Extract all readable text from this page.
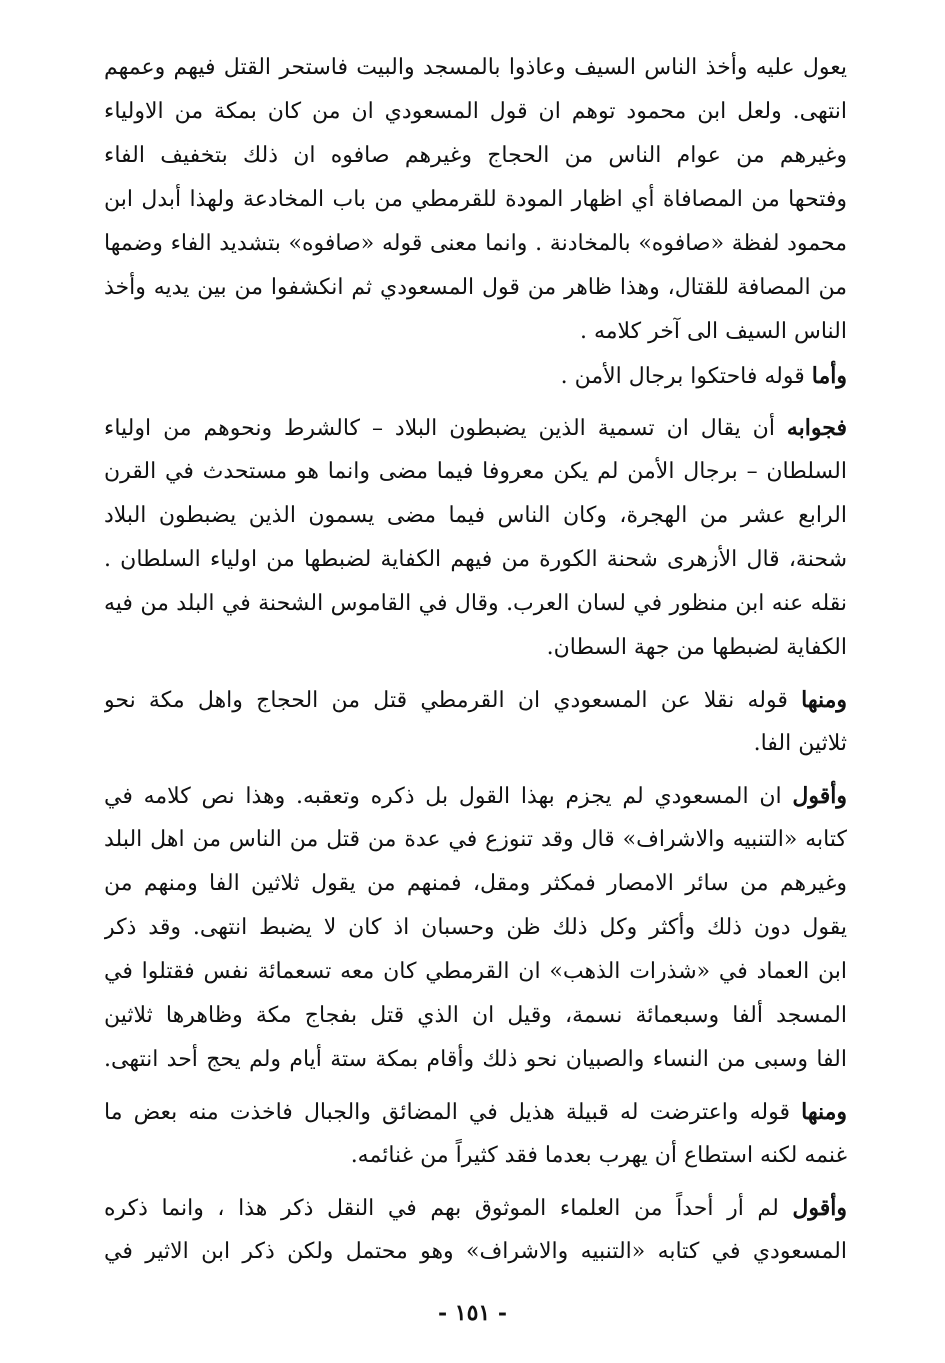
يعول عليه وأخذ الناس السيف وعاذوا بالمسجد والبيت فاستحر القتل فيهم وعمهم
انتهى. ولعل ابن محمود توهم ان قول المسعودي ان من كان بمكة من الاولياء
وغيرهم من عوام الناس من الحجاج وغيرهم صافوه ان ذلك بتخفيف الفاء
وفتحها من المصافاة أي اظهار المودة للقرمطي من باب المخادعة ولهذا أبدل ابن
محمود لفظة «صافوه» بالمخادنة . وانما معنى قوله «صافوه» بتشديد الفاء وضمها
من المصافة للقتال، وهذا ظاهر من قول المسعودي ثم انكشفوا من بين يديه وأخذ
الناس السيف الى آخر كلامه .
وأما قوله فاحتكوا برجال الأمن .
فجوابه أن يقال ان تسمية الذين يضبطون البلاد – كالشرط ونحوهم من اولياء
السلطان – برجال الأمن لم يكن معروفا فيما مضى وانما هو مستحدث في القرن
الرابع عشر من الهجرة، وكان الناس فيما مضى يسمون الذين يضبطون البلاد
شحنة، قال الأزهرى شحنة الكورة من فيهم الكفاية لضبطها من اولياء السلطان .
نقله عنه ابن منظور في لسان العرب. وقال في القاموس الشحنة في البلد من فيه
الكفاية لضبطها من جهة السطان.
ومنها قوله نقلا عن المسعودي ان القرمطي قتل من الحجاج واهل مكة نحو
ثلاثين الفا.
وأقول ان المسعودي لم يجزم بهذا القول بل ذكره وتعقبه. وهذا نص كلامه في
كتابه «التنبيه والاشراف» قال وقد تنوزع في عدة من قتل من الناس من اهل البلد
وغيرهم من سائر الامصار فمكثر ومقل، فمنهم من يقول ثلاثين الفا ومنهم من
يقول دون ذلك وأكثر وكل ذلك ظن وحسبان اذ كان لا يضبط انتهى. وقد ذكر
ابن العماد في «شذرات الذهب» ان القرمطي كان معه تسعمائة نفس فقتلوا في
المسجد ألفا وسبعمائة نسمة، وقيل ان الذي قتل بفجاج مكة وظاهرها ثلاثين
الفا وسبى من النساء والصبيان نحو ذلك وأقام بمكة ستة أيام ولم يحج أحد انتهى.
ومنها قوله واعترضت له قبيلة هذيل في المضائق والجبال فاخذت منه بعض ما
غنمه لكنه استطاع أن يهرب بعدما فقد كثيراً من غنائمه.
وأقول لم أر أحداً من العلماء الموثوق بهم في النقل ذكر هذا ، وانما ذكره
المسعودي في كتابه «التنبيه والاشراف» وهو محتمل ولكن ذكر ابن الاثير في
- ١٥١ -
